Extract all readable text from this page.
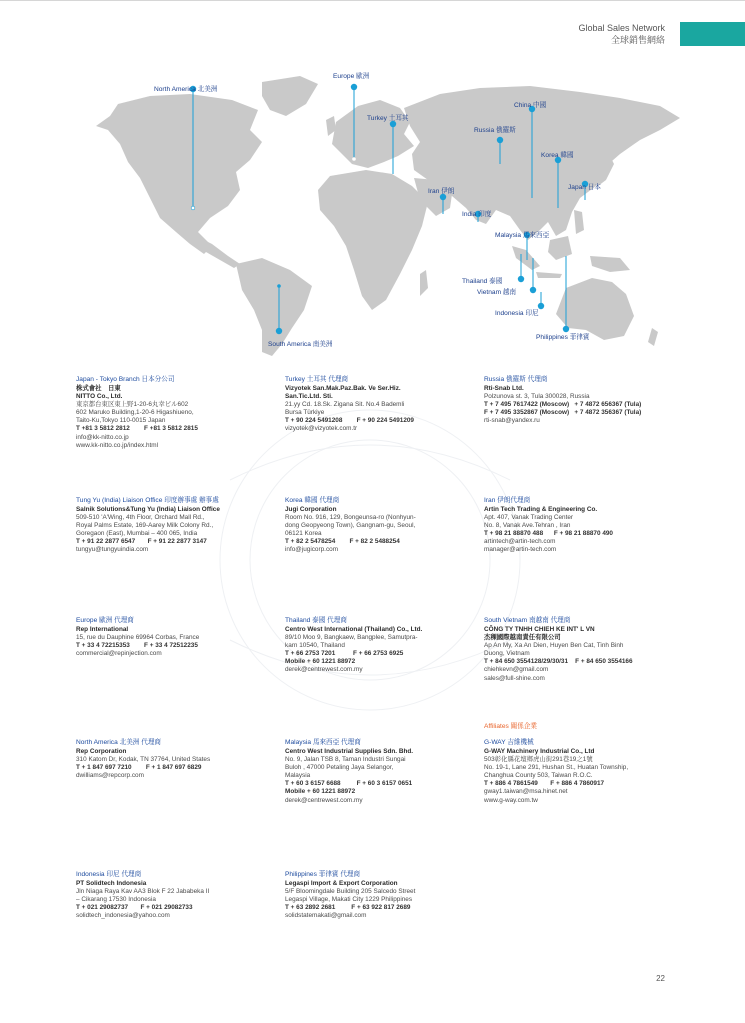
Global Sales Network
全球銷售網絡
North America 北美洲
Europe 歐洲
Turkey 土耳其
China 中國
Russia 俄羅斯
Korea 韓國
Japan 日本
Iran 伊朗
India 印度
Malaysia 馬來西亞
Thailand 泰國
Vietnam 越南
Indonesia 印尼
Philippines 菲律賓
South America 南美洲
Japan - Tokyo Branch 日本分公司
株式會社　日東
NITTO Co., Ltd.
東京都台東区東上野1-20-6丸幸ビル602
602 Maruko Building,1-20-6 Higashiueno,
Taito-Ku,Tokyo 110-0015 Japan
T +81 3 5812 2812        F +81 3 5812 2815
info@kk-nitto.co.jp
www.kk-nitto.co.jp/index.html
Turkey 土耳其 代理商
Vizyotek San.Mak.Paz.Bak. Ve Ser.Hiz.
San.Tic.Ltd. Sti.
21.yy Cd. 18.Sk. Zigana Sit. No.4 Bademli
Bursa Türkiye
T + 90 224 5491208        F + 90 224 5491209
vizyotek@vizyotek.com.tr
Russia 俄羅斯 代理商
Rti-Snab Ltd.
Polzunova st. 3, Tula 300028, Russia
T + 7 495 7617422 (Moscow)   + 7 4872 656367 (Tula)
F + 7 495 3352867 (Moscow)   + 7 4872 356367 (Tula)
rti-snab@yandex.ru
Tung Yu (India) Liaison Office 印度辦事處 辦事處
Salnik Solutions&Tung Yu (India) Liaison Office
509-510 'A'Wing, 4th Floor, Orchard Mall Rd.,
Royal Palms Estate, 169-Aarey Milk Colony Rd.,
Goregaon (East), Mumbai – 400 065, India
T + 91 22 2877 6547       F + 91 22 2877 3147
tungyu@tungyuindia.com
Korea 韓國 代理商
Jugi Corporation
Room No. 916, 129, Bongeunsa-ro (Nonhyun-
dong Geopyeong Town), Gangnam-gu, Seoul,
06121 Korea
T + 82 2 5478254        F + 82 2 5488254
info@jugicorp.com
Iran 伊朗代理商
Artin Tech Trading & Engineering Co.
Apt. 407, Vanak Trading Center
No. 8, Vanak Ave.Tehran , Iran
T + 98 21 88870 488      F + 98 21 88870 490
artintech@artin-tech.com
manager@artin-tech.com
Europe 歐洲 代理商
Rep International
15, rue du Dauphine 69964 Corbas, France
T + 33 4 72215353        F + 33 4 72512235
commercial@repinjection.com
Thailand 泰國 代理商
Centro West International (Thailand) Co., Ltd.
89/10 Moo 9, Bangkaew, Bangplee, Samutpra-
karn 10540, Thailand
T + 66 2753 7201          F + 66 2753 6925
Mobile + 60 1221 88972
derek@centrewest.com.my
South Vietnam 南越南 代理商
CÔNG TY TNHH CHIEH KE INT' L VN
杰稞國際越南責任有限公司
Ap An My, Xa An Dien, Huyen Ben Cat, Tinh Binh
Duong, Vietnam
T + 84 650 3554128/29/30/31    F + 84 650 3554166
chiehkevn@gmail.com
sales@full-shine.com
Affiliates 關係企業
North America 北美洲 代理商
Rep Corporation
310 Katom Dr, Kodak, TN 37764, United States
T + 1 847 697 7210        F + 1 847 697 6829
dwilliams@repcorp.com
Malaysia 馬來西亞 代理商
Centro West Industrial Supplies Sdn. Bhd.
No. 9, Jalan TSB 8, Taman Industri Sungai
Buloh , 47000 Petaling Jaya Selangor,
Malaysia
T + 60 3 6157 6688         F + 60 3 6157 0651
Mobile + 60 1221 88972
derek@centrewest.com.my
G-WAY 吉維機械
G-WAY Machinery Industrial Co., Ltd
503彰化縣花壇鄉虎山街291巷19之1號
No. 19-1, Lane 291, Hushan St., Huatan Township,
Changhua County 503, Taiwan R.O.C.
T + 886 4 7861549       F + 886 4 7860917
gway1.taiwan@msa.hinet.net
www.g-way.com.tw
Indonesia 印尼 代理商
PT Solidtech Indonesia
Jln Niaga Raya Kav AA3 Blok F 22 Jababeka II
– Cikarang 17530 Indonesia
T + 021 29082737       F + 021 29082733
solidtech_indonesia@yahoo.com
Philippines 菲律賓 代理商
Legaspi Import & Export Corporation
5/F Bloomingdale Building 205 Salcedo Street
Legaspi Village, Makati City 1229 Philippines
T + 63 2892 2681         F + 63 922 817 2689
solidstatemakati@gmail.com
22
